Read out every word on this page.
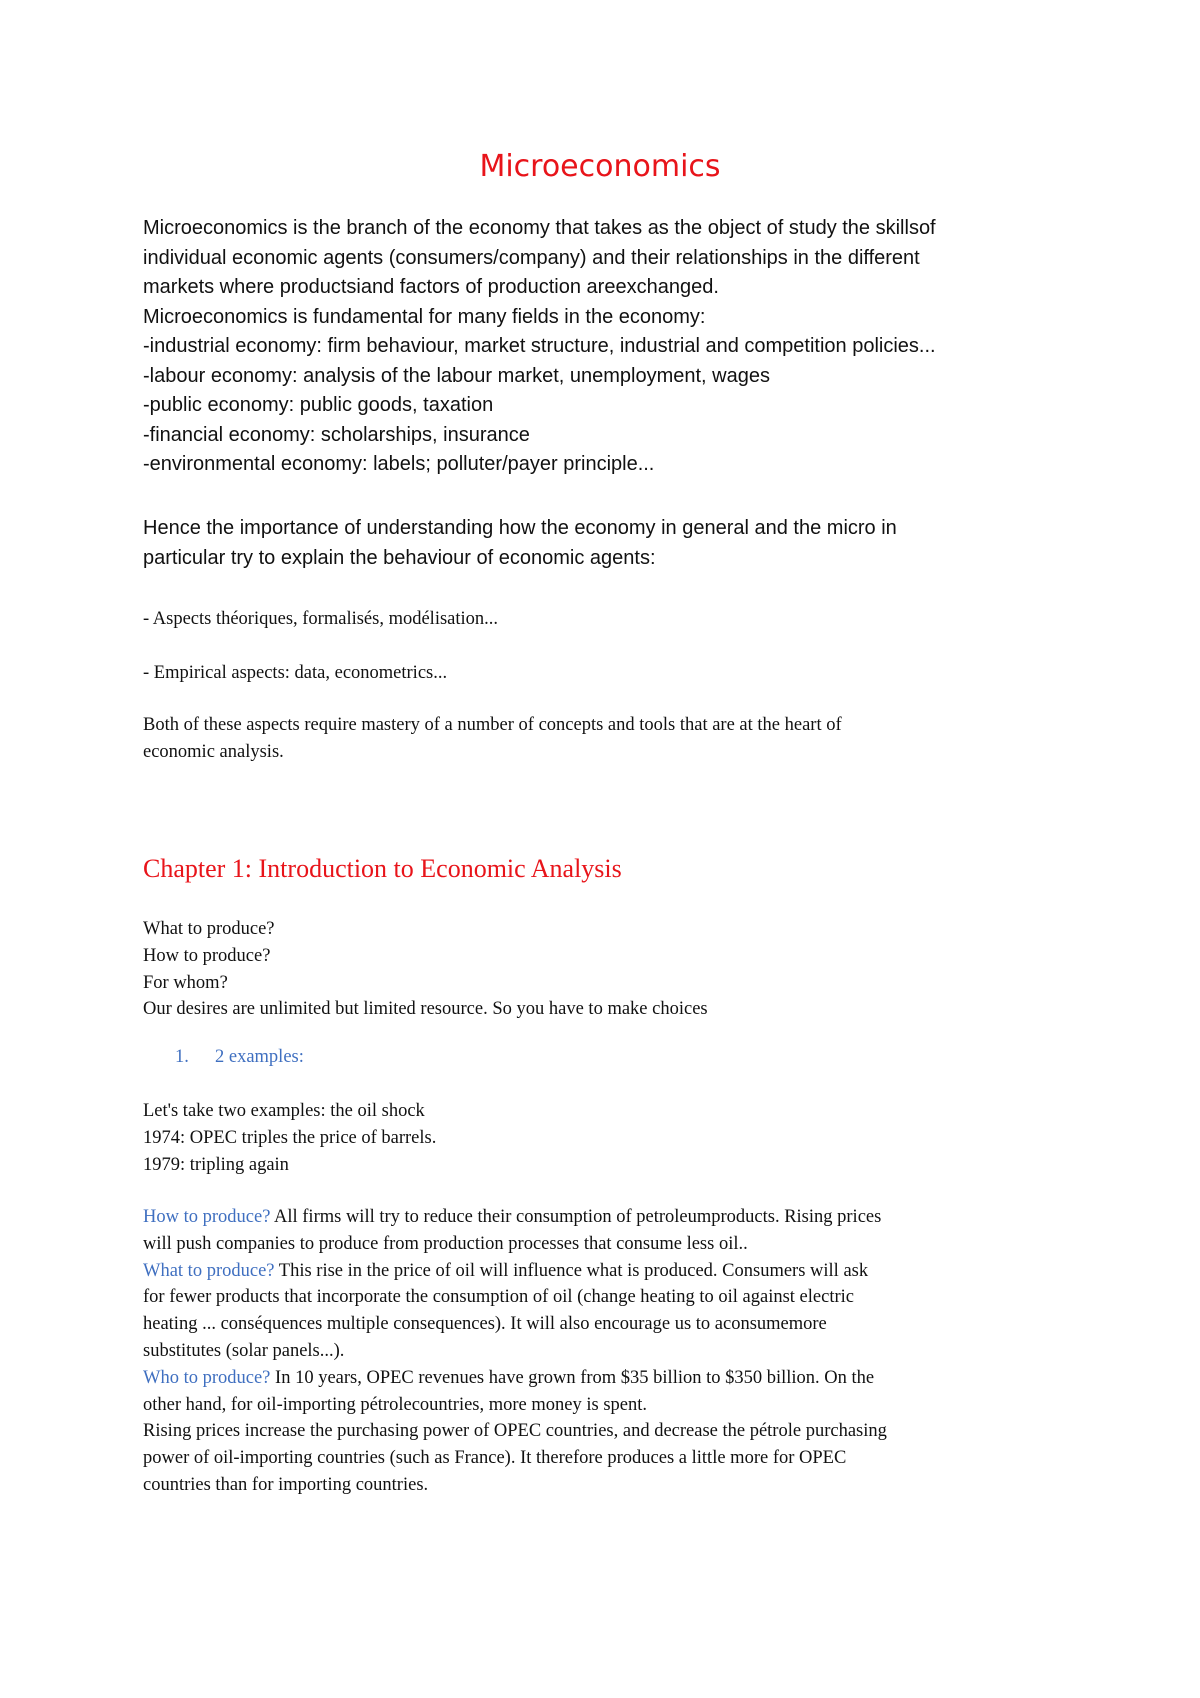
Microeconomics
Microeconomics is the branch of the economy that takes as the object of study the skillsof
individual economic agents (consumers/company) and their relationships in the different
markets where productsiand factors of production areexchanged.
Microeconomics is fundamental for many fields in the economy:
-industrial economy: firm behaviour, market structure, industrial and competition policies...
-labour economy: analysis of the labour market, unemployment, wages
-public economy: public goods, taxation
-financial economy: scholarships, insurance
-environmental economy: labels; polluter/payer principle...
Hence the importance of understanding how the economy in general and the micro in
particular try to explain the behaviour of economic agents:
- Aspects théoriques, formalisés, modélisation...
- Empirical aspects: data, econometrics...
Both of these aspects require mastery of a number of concepts and tools that are at the heart of
economic analysis.
Chapter 1: Introduction to Economic Analysis
What to produce?
How to produce?
For whom?
Our desires are unlimited but limited resource. So you have to make choices
1. 2 examples:
Let's take two examples: the oil shock
1974: OPEC triples the price of barrels.
1979: tripling again
How to produce? All firms will try to reduce their consumption of petroleumproducts. Rising prices
will push companies to produce from production processes that consume less oil..
What to produce? This rise in the price of oil will influence what is produced. Consumers will ask
for fewer products that incorporate the consumption of oil (change heating to oil against electric
heating ... conséquences multiple consequences). It will also encourage us to aconsumemore
substitutes (solar panels...).
Who to produce? In 10 years, OPEC revenues have grown from $35 billion to $350 billion. On the
other hand, for oil-importing pétrolecountries, more money is spent.
Rising prices increase the purchasing power of OPEC countries, and decrease the pétrole purchasing
power of oil-importing countries (such as France). It therefore produces a little more for OPEC
countries than for importing countries.
